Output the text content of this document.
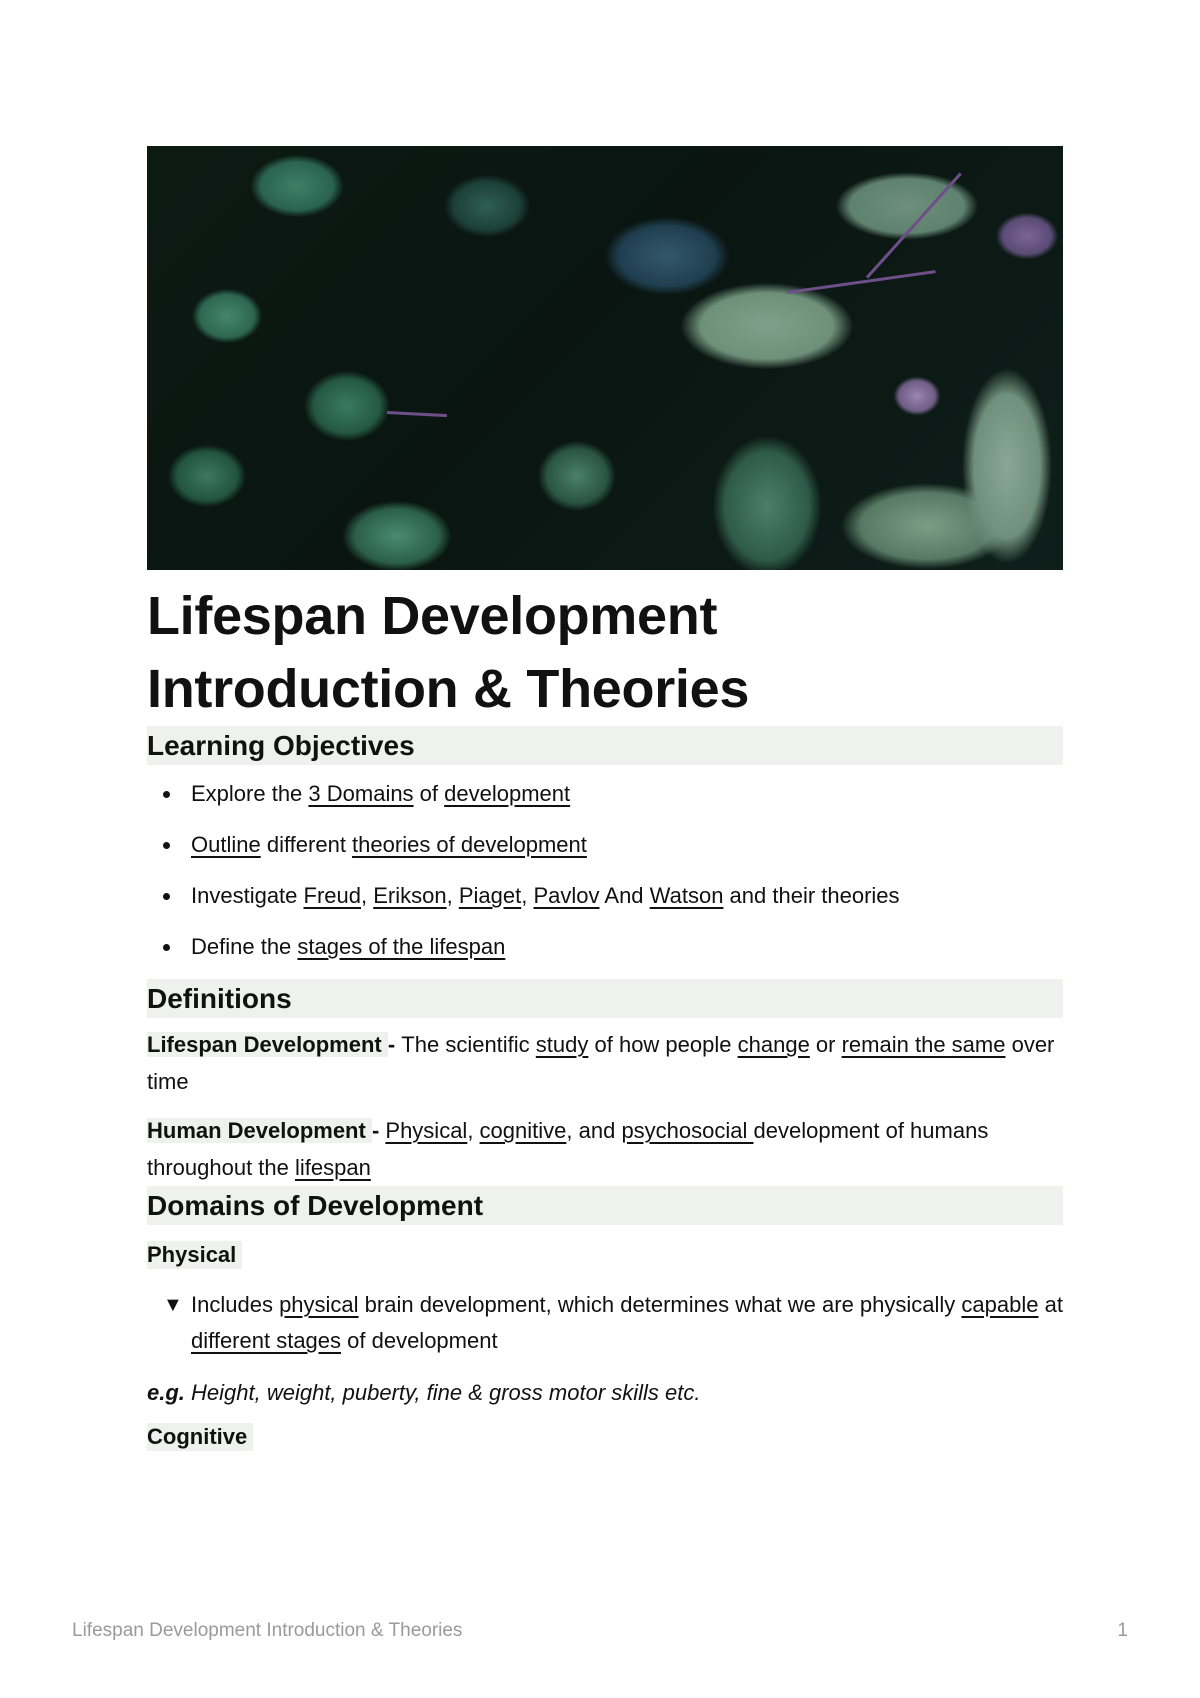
Lifespan Development
Introduction & Theories
Learning Objectives
Explore the 3 Domains of development
Outline different theories of development
Investigate Freud, Erikson, Piaget, Pavlov And Watson and their theories
Define the stages of the lifespan
Definitions

Lifespan Development - The scientific study of how people change or remain the same over time

Human Development - Physical, cognitive, and psychosocial development of humans throughout the lifespan

Domains of Development
Physical
▼ Includes physical brain development, which determines what we are physically capable at different stages of development

e.g. Height, weight, puberty, fine & gross motor skills etc.

Cognitive
Lifespan Development Introduction & Theories	1
